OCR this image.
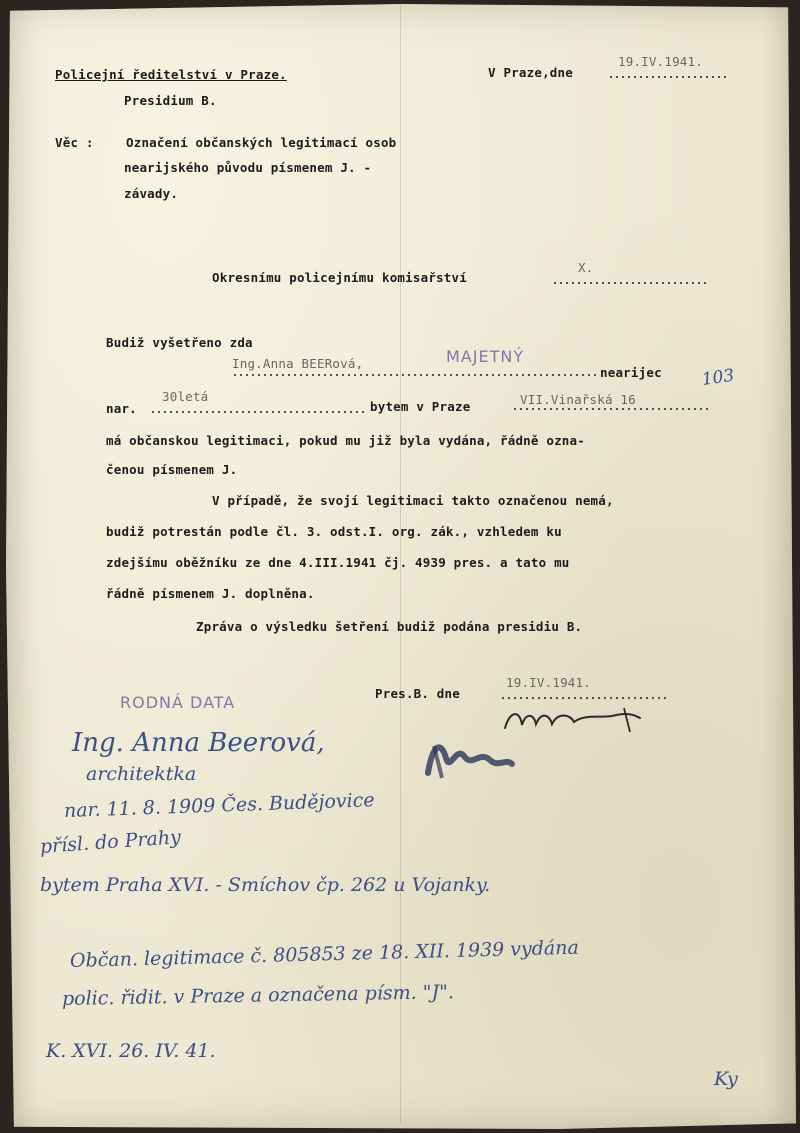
Policejní ředitelství v Praze.
Presidium B.
V Praze,dne
19.IV.1941.
Věc :	Označení občanských legitimací osob
nearijského původu písmenem J. -
závady.
Okresnímu policejnímu komisařství
X.
Budiž vyšetřeno zda
Ing.Anna BEERová,	MAJETNÝ
nearijec 103
nar.
30letá
bytem v Praze	VII.Vinařská 16
má občanskou legitimaci, pokud mu již byla vydána, řádně ozna-
čenou písmenem J.
V případě, že svojí legitimaci takto označenou nemá,
budiž potrestán podle čl. 3. odst.I. org. zák., vzhledem ku
zdejšímu oběžníku ze dne 4.III.1941 čj. 4939 pres. a tato mu
řádně písmenem J. doplněna.
Zpráva o výsledku šetření budiž podána presidiu B.
RODNÁ DATA	Pres.B. dne
19.IV.1941.
Ing. Anna Beerová,
architektka
nar. 11. 8. 1909 Čes. Budějovice
přísl. do Prahy
bytem Praha XVI. - Smíchov čp. 262 u Vojanky.
Občan. legitimace č. 805853 ze 18. XII. 1939 vydána
polic. řidit. v Praze a označena písm. "J".
K. XVI. 26. IV. 41.
Ky
